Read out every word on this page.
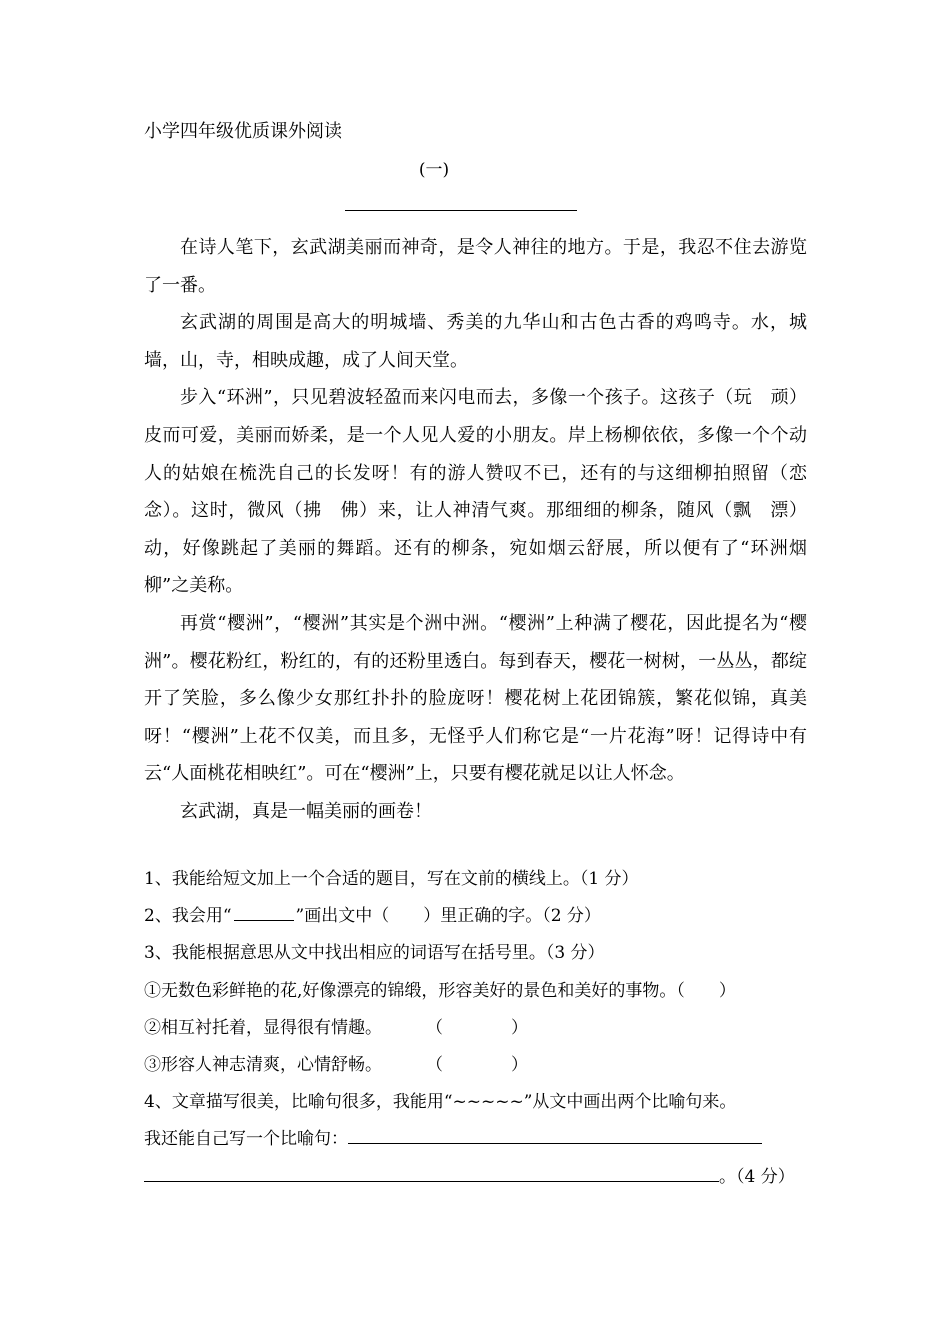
小学四年级优质课外阅读
(一)

在诗人笔下，玄武湖美丽而神奇，是令人神往的地方。于是，我忍不住去游览了一番。

玄武湖的周围是高大的明城墙、秀美的九华山和古色古香的鸡鸣寺。水，城墙，山，寺，相映成趣，成了人间天堂。

步入“环洲”，只见碧波轻盈而来闪电而去，多像一个孩子。这孩子（玩　顽）皮而可爱，美丽而娇柔，是一个人见人爱的小朋友。岸上杨柳依依，多像一个个动人的姑娘在梳洗自己的长发呀！有的游人赞叹不已，还有的与这细柳拍照留（恋　念）。这时，微风（拂　佛）来，让人神清气爽。那细细的柳条，随风（飘　漂）动，好像跳起了美丽的舞蹈。还有的柳条，宛如烟云舒展，所以便有了“环洲烟柳”之美称。

再赏“樱洲”，“樱洲”其实是个洲中洲。“樱洲”上种满了樱花，因此提名为“樱洲”。樱花粉红，粉红的，有的还粉里透白。每到春天，樱花一树树，一丛丛，都绽开了笑脸，多么像少女那红扑扑的脸庞呀！樱花树上花团锦簇，繁花似锦，真美呀！“樱洲”上花不仅美，而且多，无怪乎人们称它是“一片花海”呀！记得诗中有云“人面桃花相映红”。可在“樱洲”上，只要有樱花就足以让人怀念。

玄武湖，真是一幅美丽的画卷！

1、我能给短文加上一个合适的题目，写在文前的横线上。（1 分）
2、我会用“	”画出文中（　　）里正确的字。（2 分）
3、我能根据意思从文中找出相应的词语写在括号里。（3 分）
①无数色彩鲜艳的花,好像漂亮的锦缎，形容美好的景色和美好的事物。（　　）
②相互衬托着，显得很有情趣。	（　　　　）
③形容人神志清爽，心情舒畅。	（　　　　）
4、文章描写很美，比喻句很多，我能用“~~~~~”从文中画出两个比喻句来。
我还能自己写一个比喻句：
。（4 分）
